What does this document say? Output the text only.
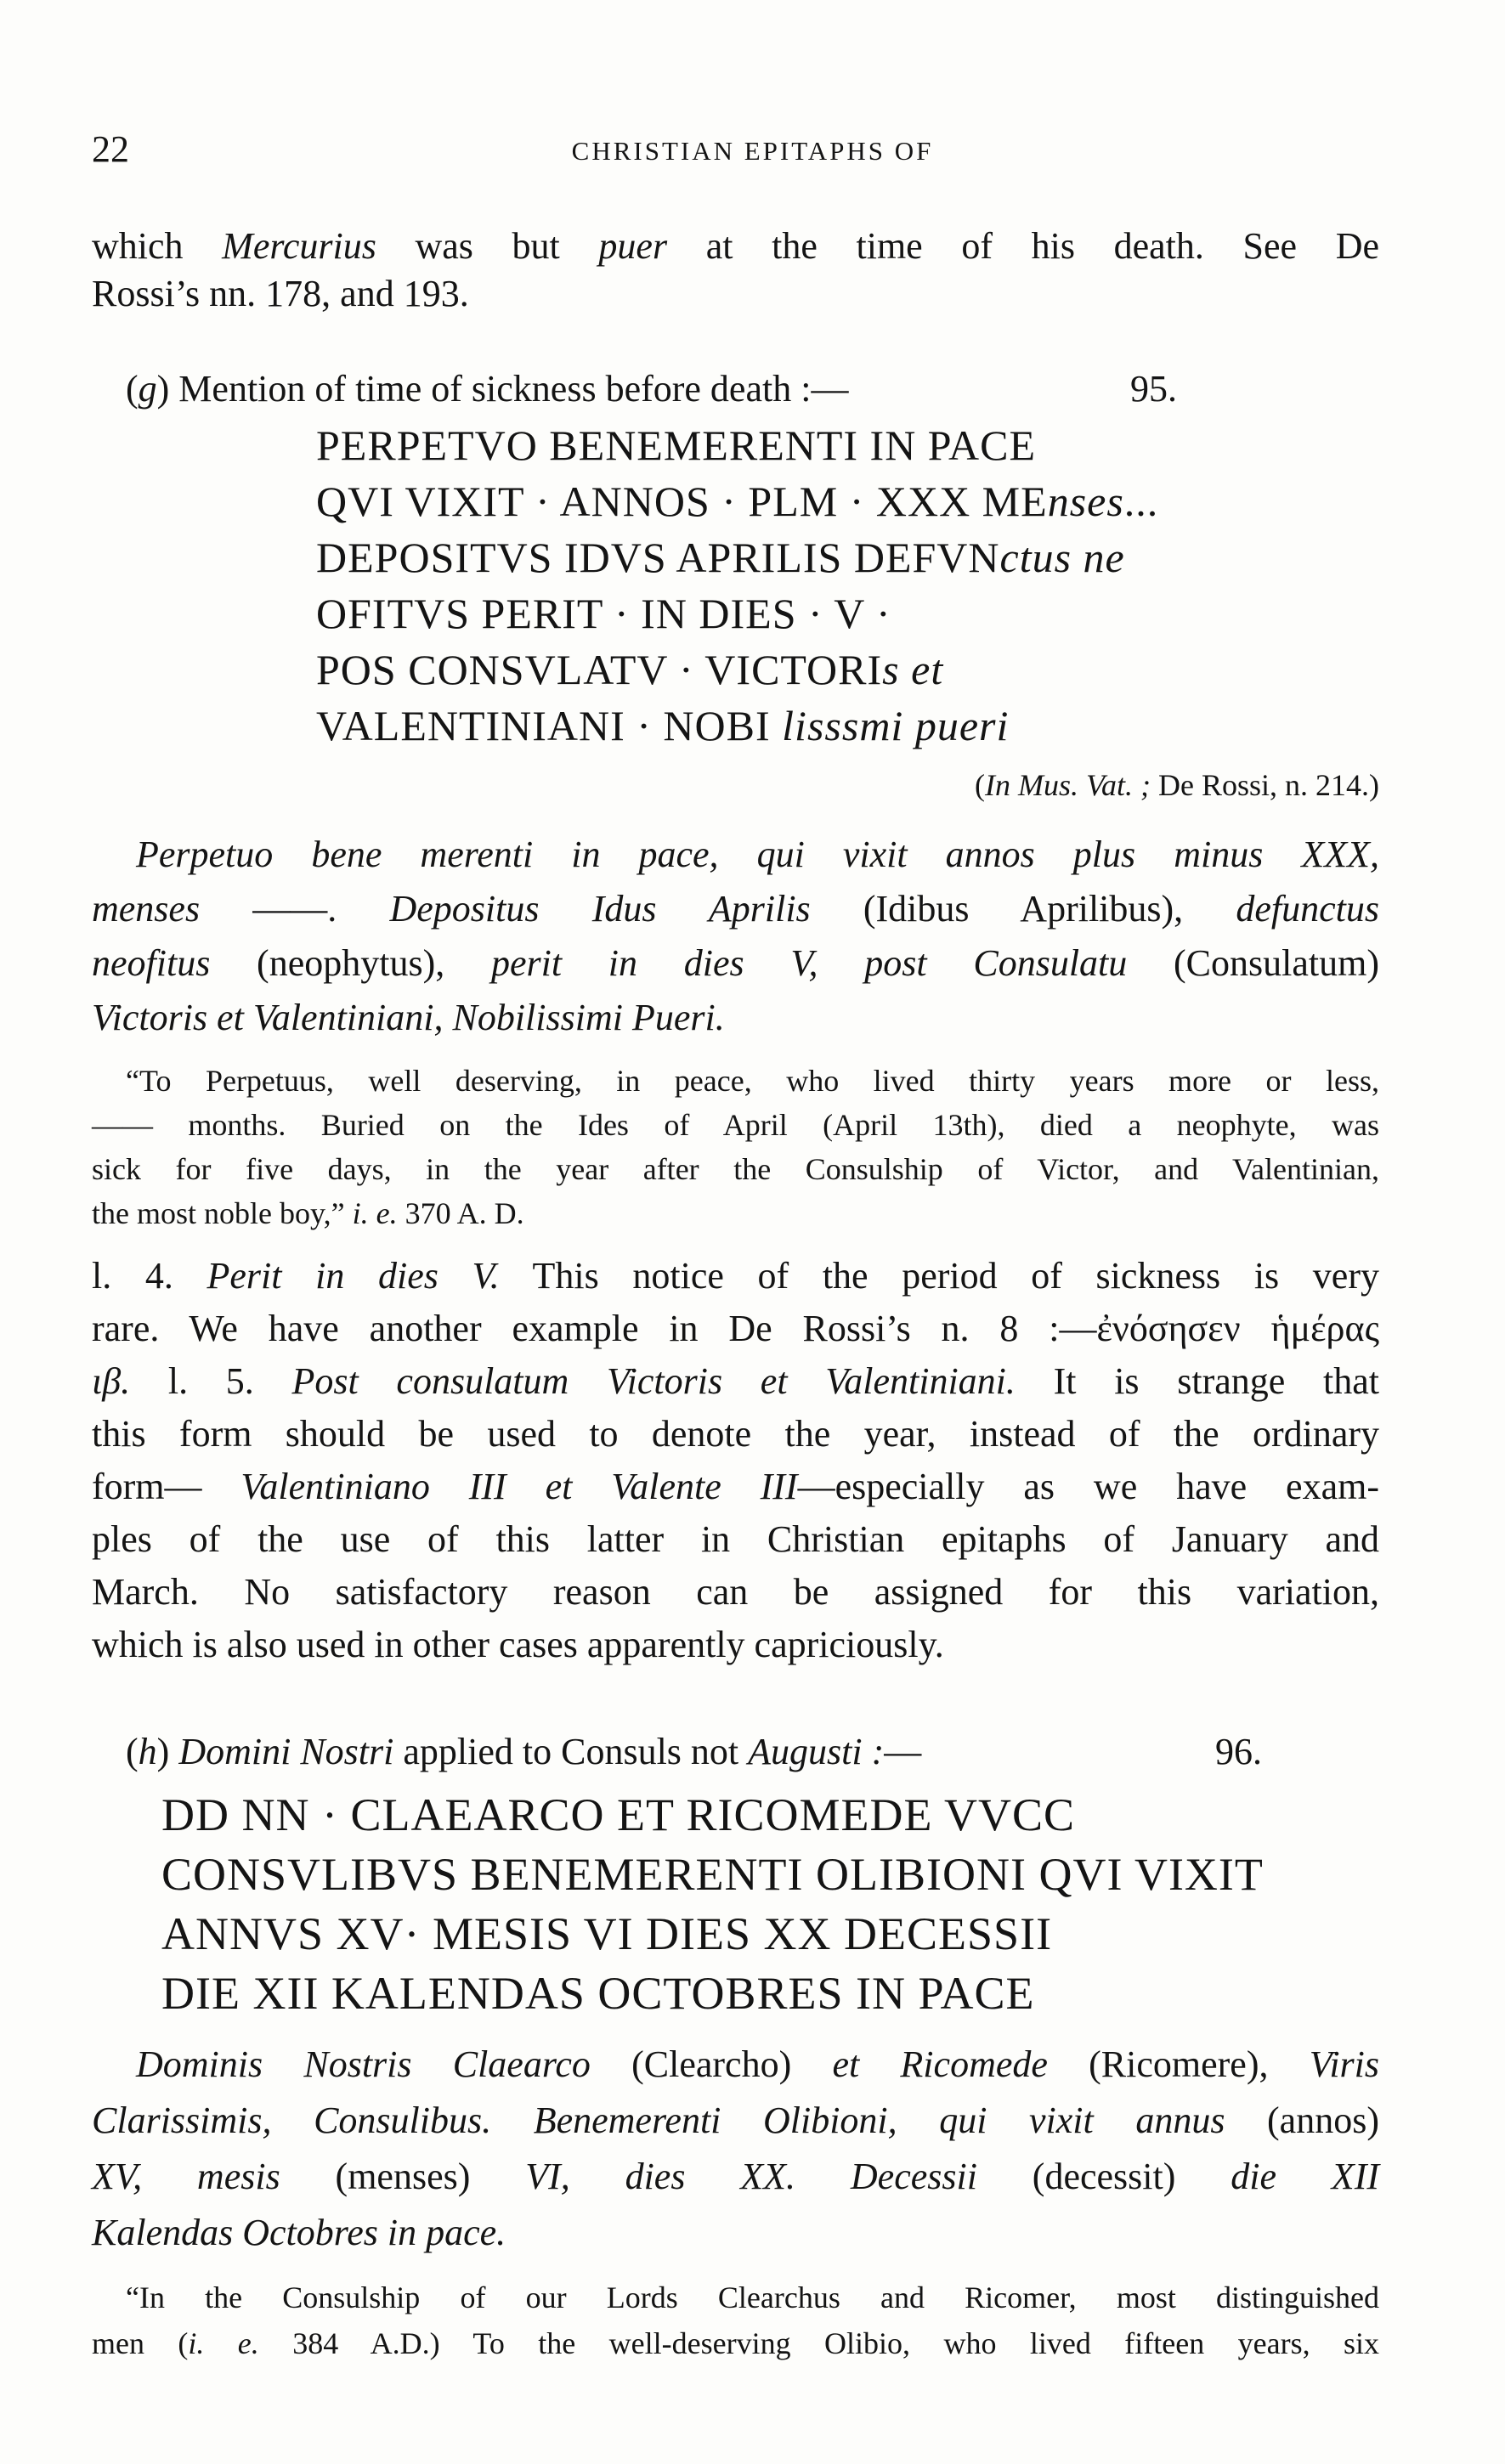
22	CHRISTIAN EPITAPHS OF
which Mercurius was but puer at the time of his death. See De
Rossi’s nn. 178, and 193.
(g) Mention of time of sickness before death :—	95.
PERPETVO BENEMERENTI IN PACE
QVI VIXIT · ANNOS · PLM · XXX MEnses...
DEPOSITVS IDVS APRILIS DEFVNctus ne
OFITVS PERIT · IN DIES · V ·
POS CONSVLATV · VICTORIs et
VALENTINIANI · NOBI lisssmi pueri
(In Mus. Vat. ; De Rossi, n. 214.)
Perpetuo bene merenti in pace, qui vixit annos plus minus XXX,
menses ——. Depositus Idus Aprilis (Idibus Aprilibus), defunctus
neofitus (neophytus), perit in dies V, post Consulatu (Consulatum)
Victoris et Valentiniani, Nobilissimi Pueri.
“To Perpetuus, well deserving, in peace, who lived thirty years more or less,
—— months. Buried on the Ides of April (April 13th), died a neophyte, was
sick for five days, in the year after the Consulship of Victor, and Valentinian,
the most noble boy,” i. e. 370 A. D.
l. 4. Perit in dies V. This notice of the period of sickness is very
rare. We have another example in De Rossi’s n. 8 :—ἐνόσησεν ἡμέρας
ιβ. l. 5. Post consulatum Victoris et Valentiniani. It is strange that
this form should be used to denote the year, instead of the ordinary
form— Valentiniano III et Valente III—especially as we have exam-
ples of the use of this latter in Christian epitaphs of January and
March. No satisfactory reason can be assigned for this variation,
which is also used in other cases apparently capriciously.
(h) Domini Nostri applied to Consuls not Augusti :—	96.
DD NN · CLAEARCO ET RICOMEDE VVCC
CONSVLIBVS BENEMERENTI OLIBIONI QVI VIXIT
ANNVS XV· MESIS VI DIES XX DECESSII
DIE XII KALENDAS OCTOBRES IN PACE
Dominis Nostris Claearco (Clearcho) et Ricomede (Ricomere), Viris
Clarissimis, Consulibus. Benemerenti Olibioni, qui vixit annus (annos)
XV, mesis (menses) VI, dies XX. Decessii (decessit) die XII
Kalendas Octobres in pace.
“In the Consulship of our Lords Clearchus and Ricomer, most distinguished
men (i. e. 384 A.D.) To the well-deserving Olibio, who lived fifteen years, six
